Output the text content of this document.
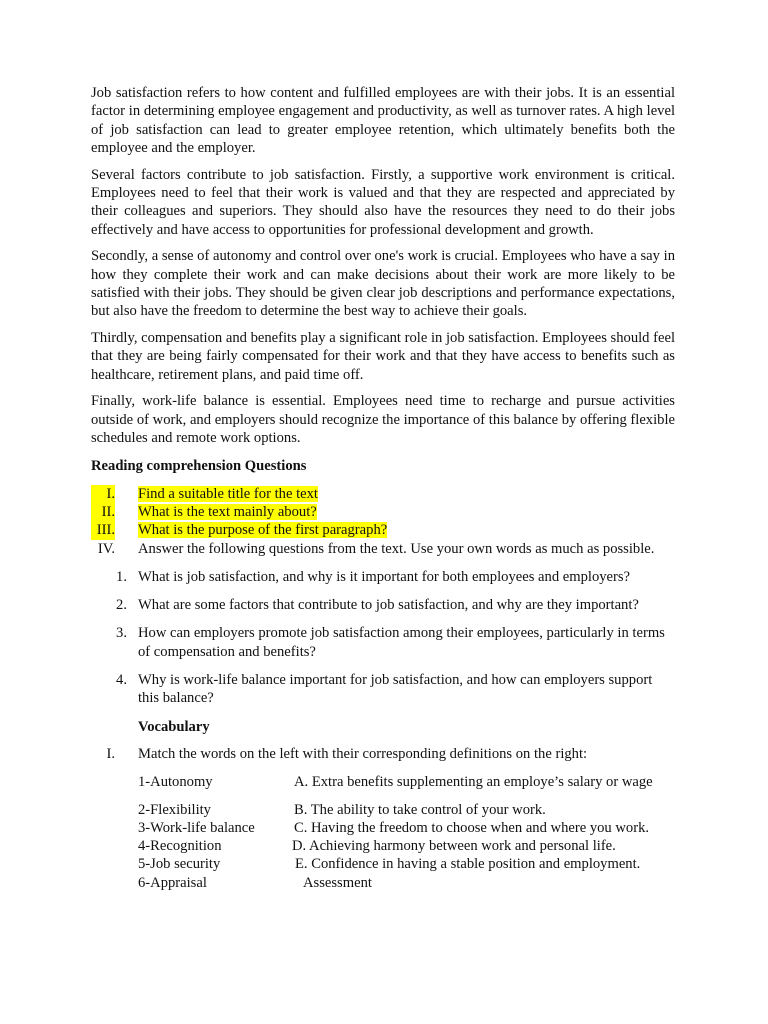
Job satisfaction refers to how content and fulfilled employees are with their jobs. It is an essential factor in determining employee engagement and productivity, as well as turnover rates. A high level of job satisfaction can lead to greater employee retention, which ultimately benefits both the employee and the employer.

Several factors contribute to job satisfaction. Firstly, a supportive work environment is critical. Employees need to feel that their work is valued and that they are respected and appreciated by their colleagues and superiors. They should also have the resources they need to do their jobs effectively and have access to opportunities for professional development and growth.

Secondly, a sense of autonomy and control over one's work is crucial. Employees who have a say in how they complete their work and can make decisions about their work are more likely to be satisfied with their jobs. They should be given clear job descriptions and performance expectations, but also have the freedom to determine the best way to achieve their goals.

Thirdly, compensation and benefits play a significant role in job satisfaction. Employees should feel that they are being fairly compensated for their work and that they have access to benefits such as healthcare, retirement plans, and paid time off.

Finally, work-life balance is essential. Employees need time to recharge and pursue activities outside of work, and employers should recognize the importance of this balance by offering flexible schedules and remote work options.

Reading comprehension Questions
I. Find a suitable title for the text
II. What is the text mainly about?
III. What is the purpose of the first paragraph?
IV. Answer the following questions from the text. Use your own words as much as possible.
1. What is job satisfaction, and why is it important for both employees and employers?
2. What are some factors that contribute to job satisfaction, and why are they important?
3. How can employers promote job satisfaction among their employees, particularly in terms of compensation and benefits?
4. Why is work-life balance important for job satisfaction, and how can employers support this balance?
Vocabulary
I. Match the words on the left with their corresponding definitions on the right:
1-Autonomy	A. Extra benefits supplementing an employe’s salary or wage
2-Flexibility	B. The ability to take control of your work.
3-Work-life balance	C. Having the freedom to choose when and where you work.
4-Recognition	D. Achieving harmony between work and personal life.
5-Job security	E. Confidence in having a stable position and employment.
6-Appraisal	Assessment
